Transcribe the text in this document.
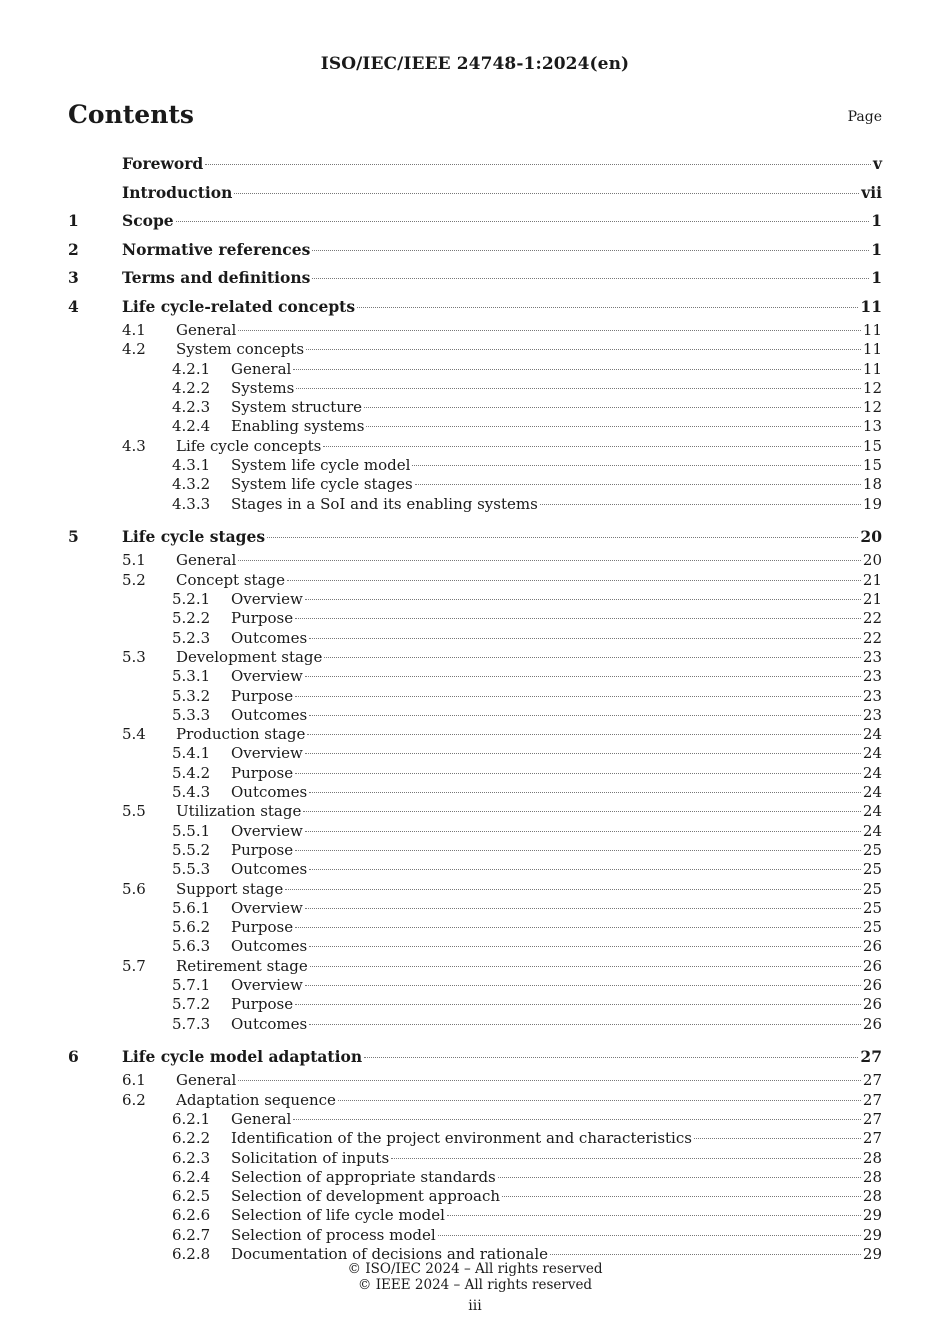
ISO/IEC/IEEE 24748-1:2024(en)
Contents	Page
Foreword	v
Introduction	vii
1	Scope	1
2	Normative references	1
3	Terms and definitions	1
4	Life cycle-related concepts	11
4.1	General	11
4.2	System concepts	11
4.2.1	General	11
4.2.2	Systems	12
4.2.3	System structure	12
4.2.4	Enabling systems	13
4.3	Life cycle concepts	15
4.3.1	System life cycle model	15
4.3.2	System life cycle stages	18
4.3.3	Stages in a SoI and its enabling systems	19
5	Life cycle stages	20
5.1	General	20
5.2	Concept stage	21
5.2.1	Overview	21
5.2.2	Purpose	22
5.2.3	Outcomes	22
5.3	Development stage	23
5.3.1	Overview	23
5.3.2	Purpose	23
5.3.3	Outcomes	23
5.4	Production stage	24
5.4.1	Overview	24
5.4.2	Purpose	24
5.4.3	Outcomes	24
5.5	Utilization stage	24
5.5.1	Overview	24
5.5.2	Purpose	25
5.5.3	Outcomes	25
5.6	Support stage	25
5.6.1	Overview	25
5.6.2	Purpose	25
5.6.3	Outcomes	26
5.7	Retirement stage	26
5.7.1	Overview	26
5.7.2	Purpose	26
5.7.3	Outcomes	26
6	Life cycle model adaptation	27
6.1	General	27
6.2	Adaptation sequence	27
6.2.1	General	27
6.2.2	Identification of the project environment and characteristics	27
6.2.3	Solicitation of inputs	28
6.2.4	Selection of appropriate standards	28
6.2.5	Selection of development approach	28
6.2.6	Selection of life cycle model	29
6.2.7	Selection of process model	29
6.2.8	Documentation of decisions and rationale	29
© ISO/IEC 2024 – All rights reserved
© IEEE 2024 – All rights reserved
iii
